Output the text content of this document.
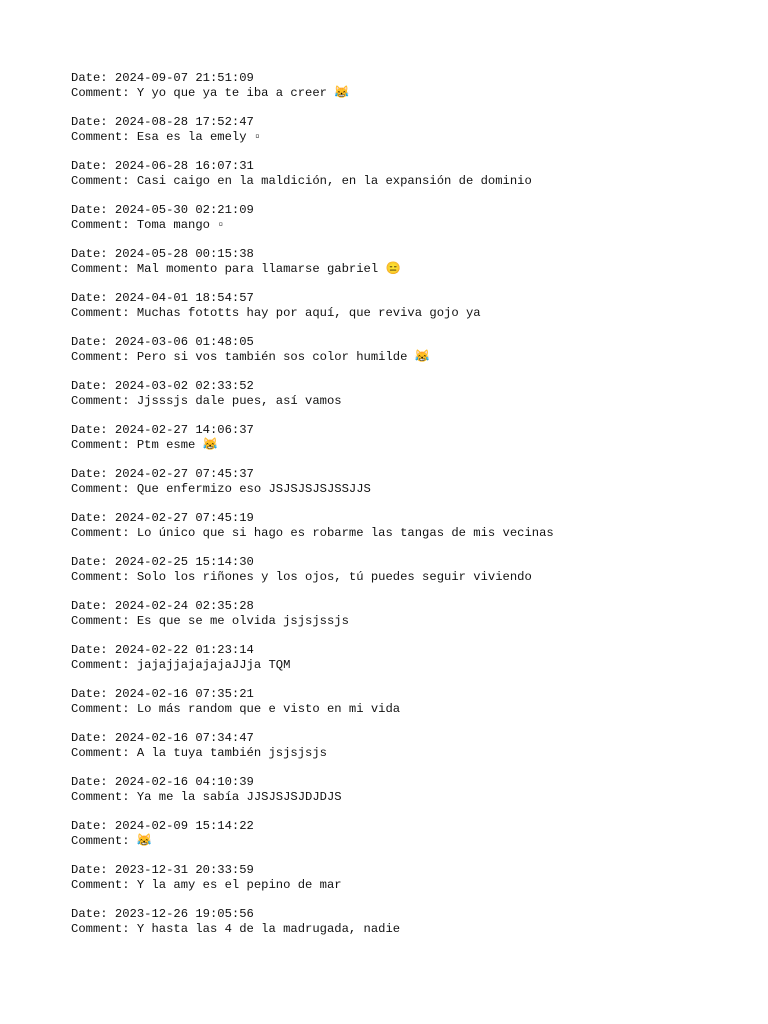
Date: 2024-09-07 21:51:09
Comment: Y yo que ya te iba a creer 😹
Date: 2024-08-28 17:52:47
Comment: Esa es la emely ▫
Date: 2024-06-28 16:07:31
Comment: Casi caigo en la maldición, en la expansión de dominio
Date: 2024-05-30 02:21:09
Comment: Toma mango ▫
Date: 2024-05-28 00:15:38
Comment: Mal momento para llamarse gabriel 😑
Date: 2024-04-01 18:54:57
Comment: Muchas fototts hay por aquí, que reviva gojo ya
Date: 2024-03-06 01:48:05
Comment: Pero si vos también sos color humilde 😹
Date: 2024-03-02 02:33:52
Comment: Jjsssjs dale pues, así vamos
Date: 2024-02-27 14:06:37
Comment: Ptm esme 😹
Date: 2024-02-27 07:45:37
Comment: Que enfermizo eso JSJSJSJSJSSJJS
Date: 2024-02-27 07:45:19
Comment: Lo único que si hago es robarme las tangas de mis vecinas
Date: 2024-02-25 15:14:30
Comment: Solo los riñones y los ojos, tú puedes seguir viviendo
Date: 2024-02-24 02:35:28
Comment: Es que se me olvida jsjsjssjs
Date: 2024-02-22 01:23:14
Comment: jajajjajajajaJJja TQM
Date: 2024-02-16 07:35:21
Comment: Lo más random que e visto en mi vida
Date: 2024-02-16 07:34:47
Comment: A la tuya también jsjsjsjs
Date: 2024-02-16 04:10:39
Comment: Ya me la sabía JJSJSJSJDJDJS
Date: 2024-02-09 15:14:22
Comment: 😹
Date: 2023-12-31 20:33:59
Comment: Y la amy es el pepino de mar
Date: 2023-12-26 19:05:56
Comment: Y hasta las 4 de la madrugada, nadie
